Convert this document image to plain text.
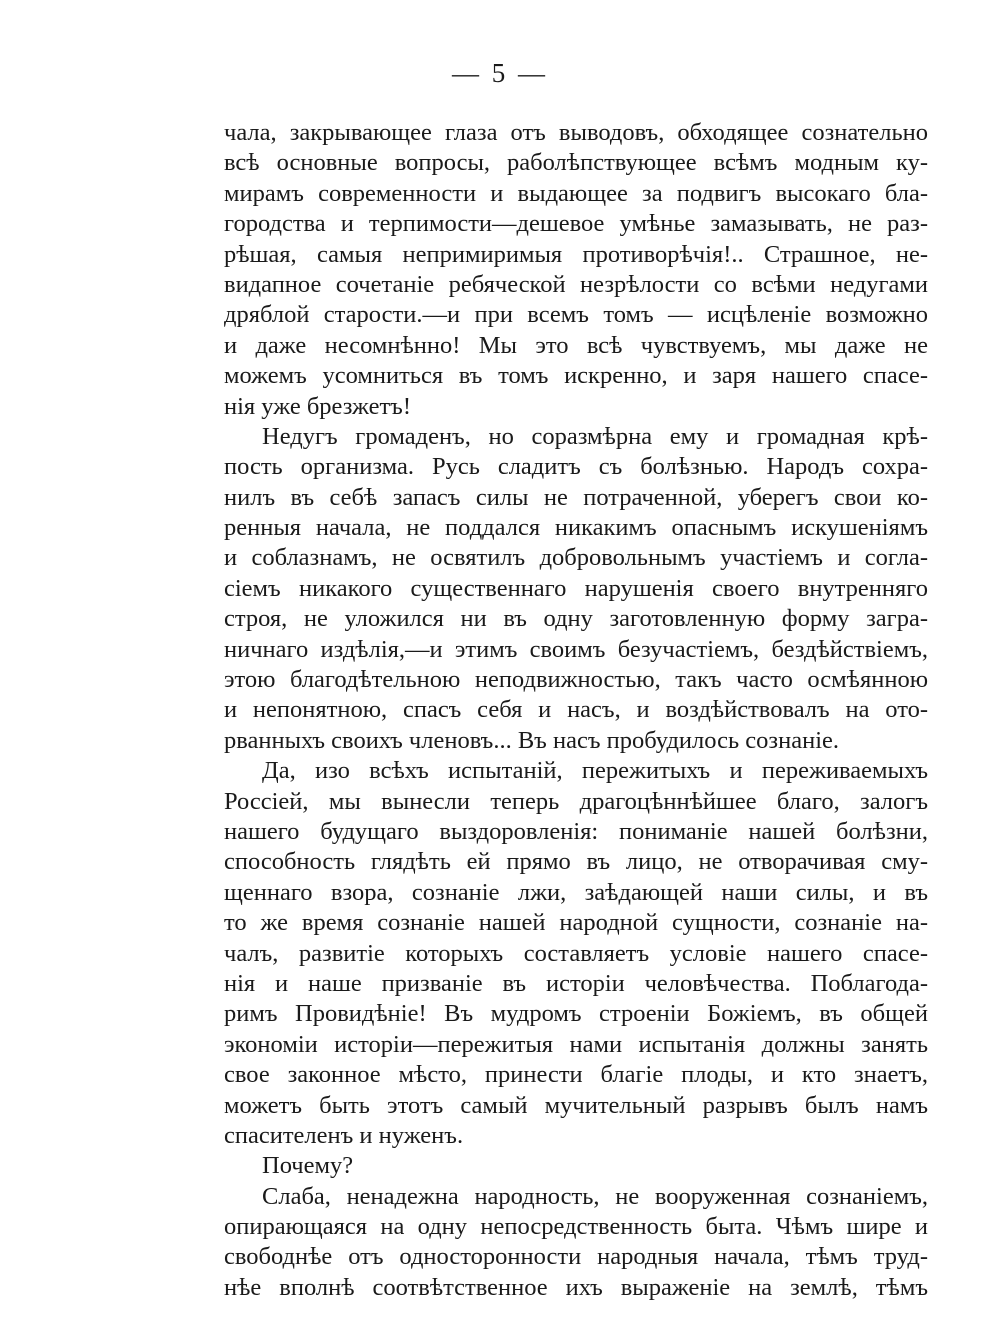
— 5 —
чала, закрывающее глаза отъ выводовъ, обходящее сознательно
всѣ основные вопросы, раболѣпствующее всѣмъ модным ку-
мирамъ современности и выдающее за подвигъ высокаго бла-
городства и терпимости—дешевое умѣнье замазывать, не раз-
рѣшая, самыя непримиримыя противорѣчія!.. Страшное, не-
видапное сочетаніе ребяческой незрѣлости со всѣми недугами
дряблой старости.—и при всемъ томъ — исцѣленіе возможно
и даже несомнѣнно! Мы это всѣ чувствуемъ, мы даже не
можемъ усомниться въ томъ искренно, и заря нашего спасе-
нія уже брезжетъ!
Недугъ громаденъ, но соразмѣрна ему и громадная крѣ-
пость организма. Русь сладитъ съ болѣзнью. Народъ сохра-
нилъ въ себѣ запасъ силы не потраченной, уберегъ свои ко-
ренныя начала, не поддался никакимъ опаснымъ искушеніямъ
и соблазнамъ, не освятилъ добровольнымъ участіемъ и согла-
сіемъ никакого существеннаго нарушенія своего внутренняго
строя, не уложился ни въ одну заготовленную форму загра-
ничнаго издѣлія,—и этимъ своимъ безучастіемъ, бездѣйствіемъ,
этою благодѣтельною неподвижностью, такъ часто осмѣянною
и непонятною, спасъ себя и насъ, и воздѣйствовалъ на ото-
рванныхъ своихъ членовъ... Въ насъ пробудилось сознаніе.
Да, изо всѣхъ испытаній, пережитыхъ и переживаемыхъ
Россіей, мы вынесли теперь драгоцѣннѣйшее благо, залогъ
нашего будущаго выздоровленія: пониманіе нашей болѣзни,
способность глядѣть ей прямо въ лицо, не отворачивая сму-
щеннаго взора, сознаніе лжи, заѣдающей наши силы, и въ
то же время сознаніе нашей народной сущности, сознаніе на-
чалъ, развитіе которыхъ составляетъ условіе нашего спасе-
нія и наше призваніе въ исторіи человѣчества. Поблагода-
римъ Провидѣніе! Въ мудромъ строеніи Божіемъ, въ общей
экономіи исторіи—пережитыя нами испытанія должны занять
свое законное мѣсто, принести благіе плоды, и кто знаетъ,
можетъ быть этотъ самый мучительный разрывъ былъ намъ
спасителенъ и нуженъ.
Почему?
Слаба, ненадежна народность, не вооруженная сознаніемъ,
опирающаяся на одну непосредственность быта. Чѣмъ шире и
свободнѣе отъ односторонности народныя начала, тѣмъ труд-
нѣе вполнѣ соотвѣтственное ихъ выраженіе на землѣ, тѣмъ
